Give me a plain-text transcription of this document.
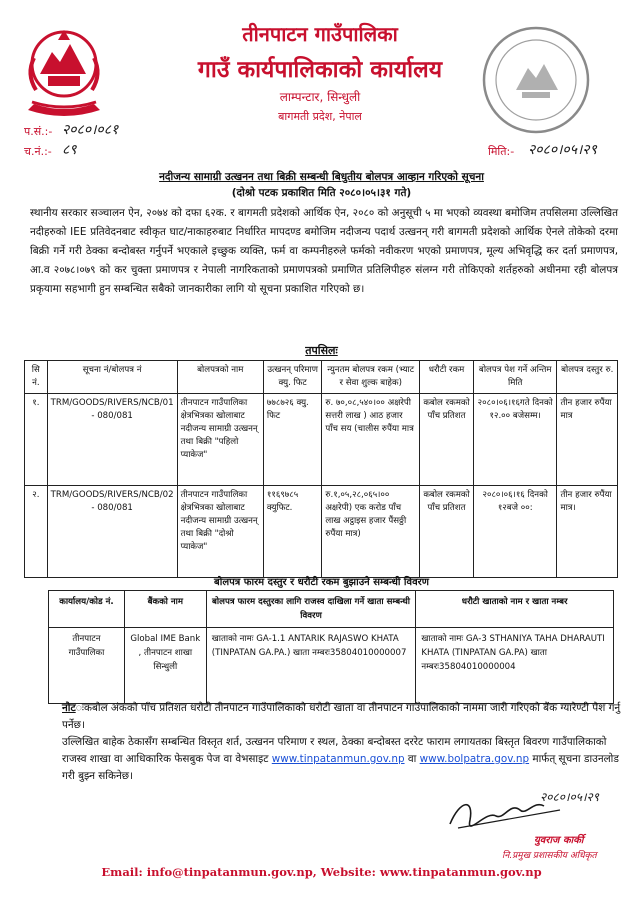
तीनपाटन गाउँपालिका
गाउँ कार्यपालिकाको कार्यालय
लाम्पन्टार, सिन्धुली
बागमती प्रदेश, नेपाल
प.सं.:- २०८०।०८१
च.नं.:- ८९	मिति:- २०८०।०५।२९
नदीजन्य सामाग्री उत्खनन तथा बिक्री सम्बन्धी बिधुतीय बोलपत्र आव्हान गरिएको सूचना
(दोश्रो पटक प्रकाशित मिति २०८०।०५।३१ गते)
स्थानीय सरकार सञ्चालन ऐन, २०७४ को दफा ६२क. र बागमती प्रदेशको आर्थिक ऐन, २०८० को अनुसूची ५ मा भएको व्यवस्था बमोजिम तपसिलमा उल्लिखित नदीहरुको IEE प्रतिवेदनबाट स्वीकृत घाट/नाकाहरुबाट निर्धारित मापदण्ड बमोजिम नदीजन्य पदार्थ उत्खनन् गरी बागमती प्रदेशको आर्थिक ऐनले तोकेको दरमा बिक्री गर्ने गरी ठेक्का बन्दोबस्त गर्नुपर्ने भएकाले इच्छुक व्यक्ति, फर्म वा कम्पनीहरुले फर्मको नवीकरण भएको प्रमाणपत्र, मूल्य अभिवृद्धि कर दर्ता प्रमाणपत्र, आ.व २०७८।०७९ को कर चुक्ता प्रमाणपत्र र नेपाली नागरिकताको प्रमाणपत्रको प्रमाणित प्रतिलिपीहरु संलग्न गरी तोकिएको शर्तहरुको अधीनमा रही बोलपत्र प्रकृयामा सहभागी हुन सम्बन्धित सबैको जानकारीका लागि यो सूचना प्रकाशित गरिएको छ।
तपसिलः
सि नं.	सूचना नं/बोलपत्र नं	बोलपत्रको नाम	उत्खनन् परिमाण क्यु. फिट	न्युनतम बोलपत्र रकम (भ्याट र सेवा शुल्क बाहेक)	धरौटी रकम	बोलपत्र पेश गर्ने अन्तिम मिति	बोलपत्र दस्तुर रु.
१.	TRM/GOODS/RIVERS/NCB/01 - 080/081	तीनपाटन गाउँपालिका क्षेत्रभित्रका खोलाबाट नदीजन्य सामाग्री उत्खनन् तथा बिक्री "पहिलो प्याकेज"	७७८७२६ क्यु. फिट	रु. ७०,०८,५४०।०० अक्षरेपी सत्तरी लाख ) आठ हजार पाँच सय (चालीस रुपैंया मात्र	कबोल रकमको पाँच प्रतिशत	२०८०।०६।१६गते दिनको १२.०० बजेसम्म।	तीन हजार रुपैंया मात्र
२.	TRM/GOODS/RIVERS/NCB/02 - 080/081	तीनपाटन गाउँपालिका क्षेत्रभित्रका खोलाबाट नदीजन्य सामाग्री उत्खनन् तथा बिक्री "दोश्रो प्याकेज"	११६९७८५ क्युफिट.	रु.१,०५,२८,०६५।०० अक्षरेपी) एक करोड पाँच लाख अट्ठाइस हजार पैंसठ्ठी रुपैंया मात्र)	कबोल रकमको पाँच प्रतिशत	२०८०।०६।१६ दिनको १२बजे ००:	तीन हजार रुपैंया मात्र।
बोलपत्र फारम दस्तुर र धरौटी रकम बुझाउने सम्बन्धी विवरण
कार्यालय/कोड नं.	बैंकको नाम	बोलपत्र फारम दस्तुरका लागि राजस्व दाखिला गर्ने खाता सम्बन्धी विवरण	धरौटी खाताको नाम र खाता नम्बर
तीनपाटन गाउँपालिका	Global IME Bank , तीनपाटन शाखा सिन्धुली	खाताको नामः GA-1.1 ANTARIK RAJASWO KHATA (TINPATAN GA.PA.) खाता नम्बरः35804010000007	खाताको नामः GA-3 STHANIYA TAHA DHARAUTI KHATA (TINPATAN GA.PA) खाता नम्बरः35804010000004
नोटःकबोल अंकको पाँच प्रतिशत धरौटी तीनपाटन गाउँपालिकाको धरौटी खाता वा तीनपाटन गाउँपालिकाको नाममा जारी गरिएको बैंक ग्यारेण्टी पेश गर्नु पर्नेछ।
उल्लिखित बाहेक ठेकासँग सम्बन्धित विस्तृत शर्त, उत्खनन परिमाण र स्थल, ठेक्का बन्दोबस्त दररेट फाराम लगायतका बिस्तृत बिवरण गाउँपालिकाको राजस्व शाखा वा आधिकारिक फेसबुक पेज वा वेभसाइट www.tinpatanmun.gov.np वा www.bolpatra.gov.np मार्फत् सूचना डाउनलोड गरी बुझ्न सकिनेछ।
२०८०।०५।२९
युवराज कार्की
नि.प्रमुख प्रशासकीय अधिकृत
Email: info@tinpatanmun.gov.np, Website: www.tinpatanmun.gov.np
